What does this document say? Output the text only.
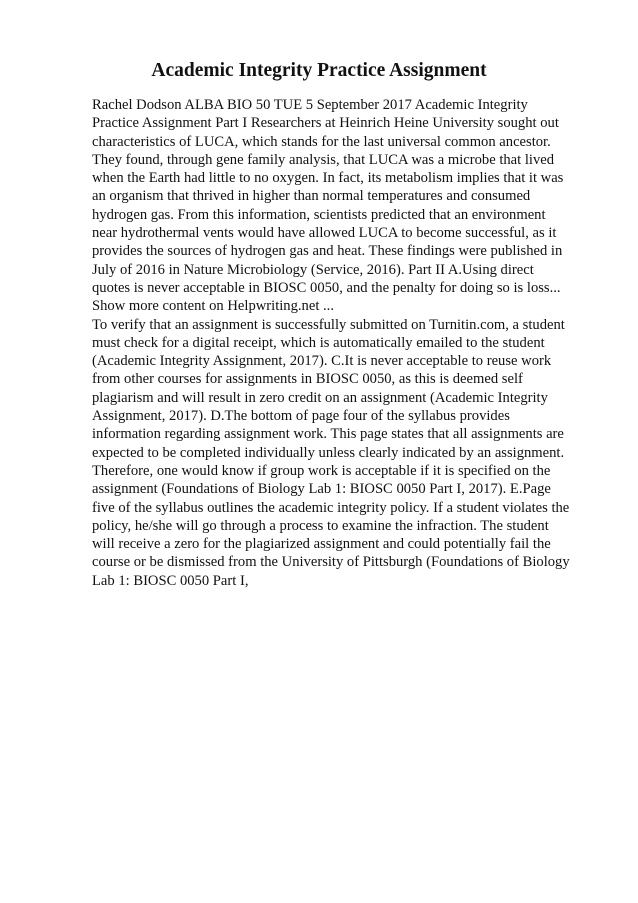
Academic Integrity Practice Assignment

Rachel Dodson ALBA BIO 50 TUE 5 September 2017 Academic Integrity Practice Assignment Part I Researchers at Heinrich Heine University sought out characteristics of LUCA, which stands for the last universal common ancestor. They found, through gene family analysis, that LUCA was a microbe that lived when the Earth had little to no oxygen. In fact, its metabolism implies that it was an organism that thrived in higher than normal temperatures and consumed hydrogen gas. From this information, scientists predicted that an environment near hydrothermal vents would have allowed LUCA to become successful, as it provides the sources of hydrogen gas and heat. These findings were published in July of 2016 in Nature Microbiology (Service, 2016). Part II A.Using direct quotes is never acceptable in BIOSC 0050, and the penalty for doing so is loss... Show more content on Helpwriting.net ...

To verify that an assignment is successfully submitted on Turnitin.com, a student must check for a digital receipt, which is automatically emailed to the student (Academic Integrity Assignment, 2017). C.It is never acceptable to reuse work from other courses for assignments in BIOSC 0050, as this is deemed self plagiarism and will result in zero credit on an assignment (Academic Integrity Assignment, 2017). D.The bottom of page four of the syllabus provides information regarding assignment work. This page states that all assignments are expected to be completed individually unless clearly indicated by an assignment. Therefore, one would know if group work is acceptable if it is specified on the assignment (Foundations of Biology Lab 1: BIOSC 0050 Part I, 2017). E.Page five of the syllabus outlines the academic integrity policy. If a student violates the policy, he/she will go through a process to examine the infraction. The student will receive a zero for the plagiarized assignment and could potentially fail the course or be dismissed from the University of Pittsburgh (Foundations of Biology Lab 1: BIOSC 0050 Part I,
